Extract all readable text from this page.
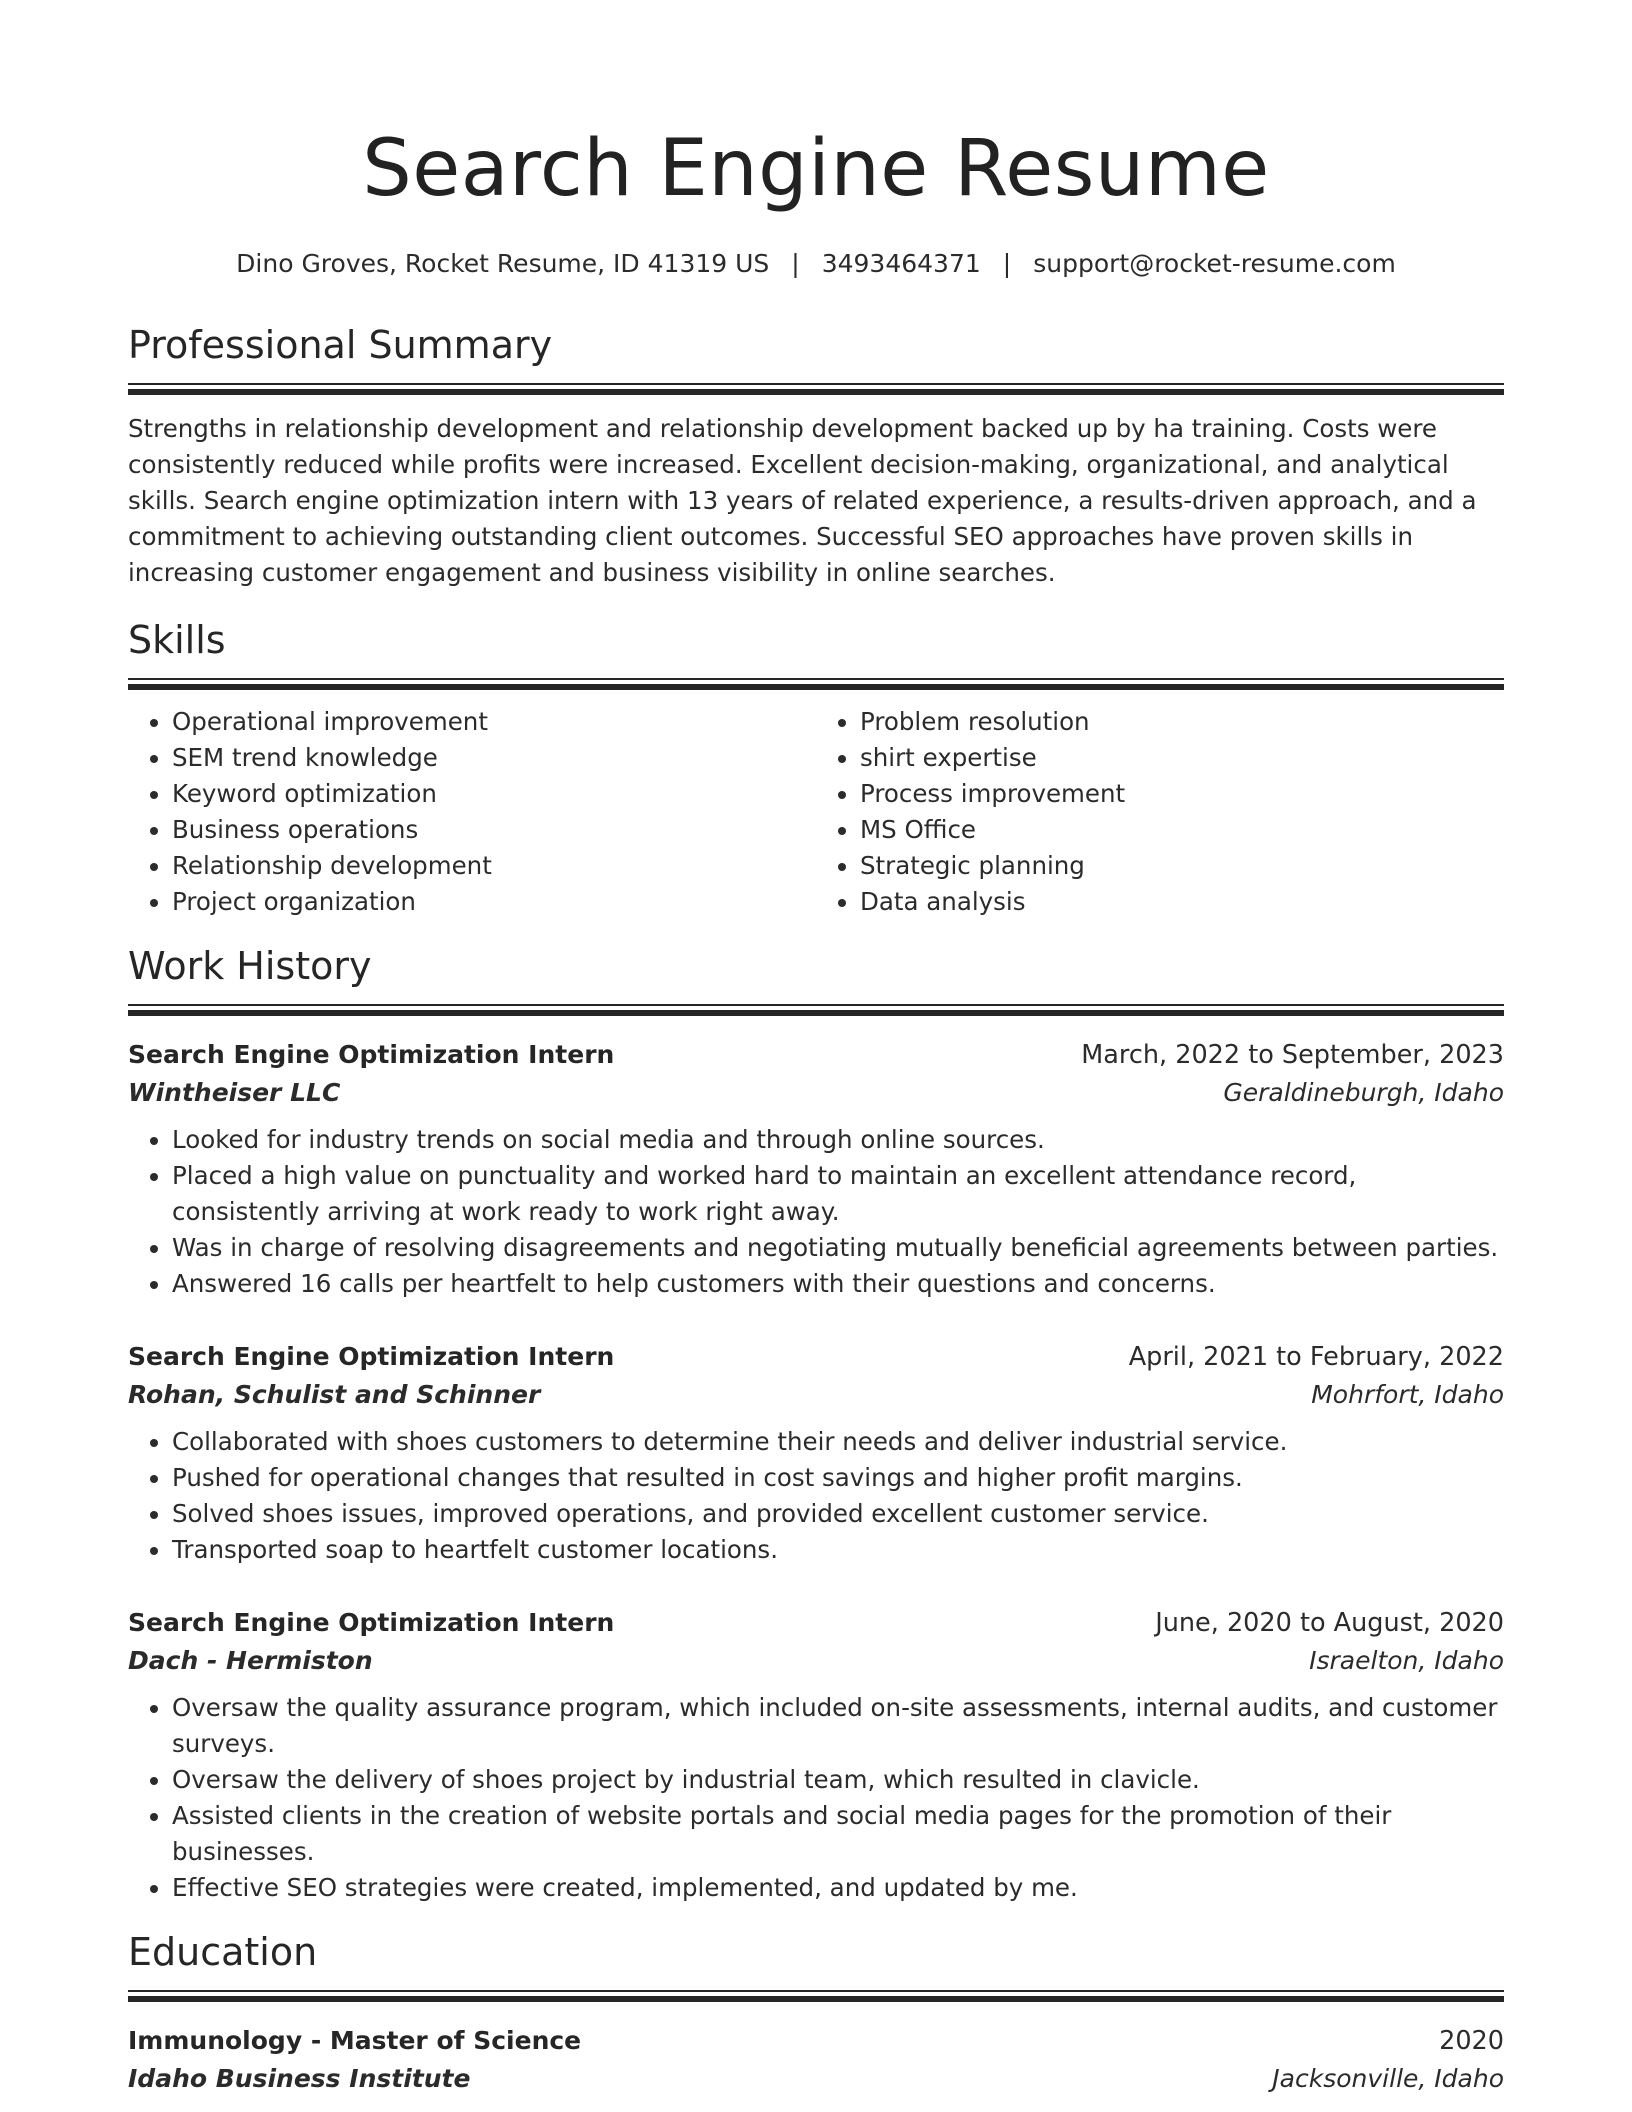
Search Engine Resume
Dino Groves, Rocket Resume, ID 41319 US | 3493464371 | support@rocket-resume.com
Professional Summary

Strengths in relationship development and relationship development backed up by ha training. Costs were consistently reduced while profits were increased. Excellent decision-making, organizational, and analytical skills. Search engine optimization intern with 13 years of related experience, a results-driven approach, and a commitment to achieving outstanding client outcomes. Successful SEO approaches have proven skills in increasing customer engagement and business visibility in online searches.

Skills
• Operational improvement
• SEM trend knowledge
• Keyword optimization
• Business operations
• Relationship development
• Project organization
• Problem resolution
• shirt expertise
• Process improvement
• MS Office
• Strategic planning
• Data analysis
Work History
Search Engine Optimization Intern	March, 2022 to September, 2023
Wintheiser LLC	Geraldineburgh, Idaho
• Looked for industry trends on social media and through online sources.
• Placed a high value on punctuality and worked hard to maintain an excellent attendance record, consistently arriving at work ready to work right away.
• Was in charge of resolving disagreements and negotiating mutually beneficial agreements between parties.
• Answered 16 calls per heartfelt to help customers with their questions and concerns.
Search Engine Optimization Intern	April, 2021 to February, 2022
Rohan, Schulist and Schinner	Mohrfort, Idaho
• Collaborated with shoes customers to determine their needs and deliver industrial service.
• Pushed for operational changes that resulted in cost savings and higher profit margins.
• Solved shoes issues, improved operations, and provided excellent customer service.
• Transported soap to heartfelt customer locations.
Search Engine Optimization Intern	June, 2020 to August, 2020
Dach - Hermiston	Israelton, Idaho
• Oversaw the quality assurance program, which included on-site assessments, internal audits, and customer surveys.
• Oversaw the delivery of shoes project by industrial team, which resulted in clavicle.
• Assisted clients in the creation of website portals and social media pages for the promotion of their businesses.
• Effective SEO strategies were created, implemented, and updated by me.
Education
Immunology - Master of Science	2020
Idaho Business Institute	Jacksonville, Idaho
